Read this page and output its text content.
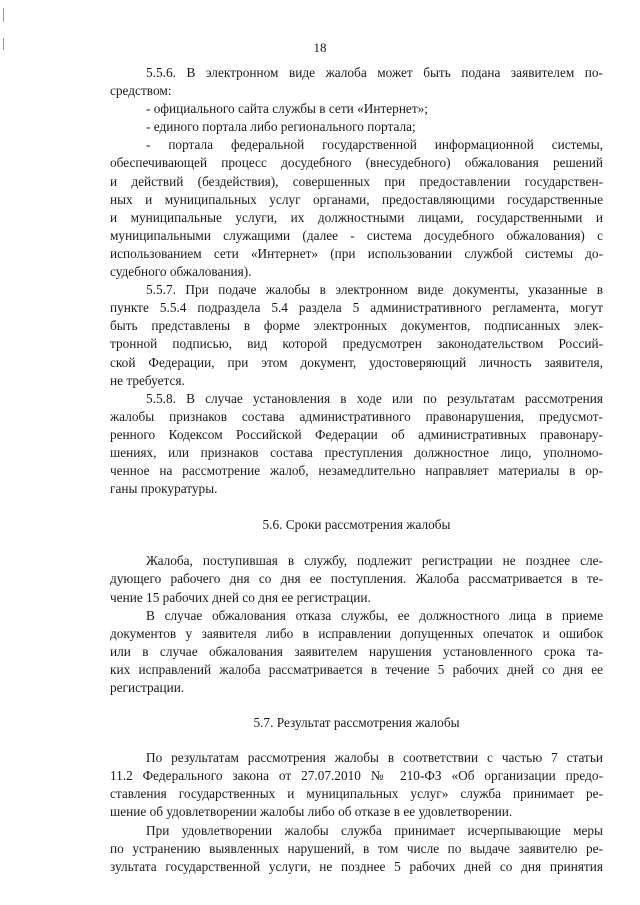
18
5.5.6. В электронном виде жалоба может быть подана заявителем по-
средством:
- официального сайта службы в сети «Интернет»;
- единого портала либо регионального портала;
- портала федеральной государственной информационной системы,
обеспечивающей процесс досудебного (внесудебного) обжалования решений
и действий (бездействия), совершенных при предоставлении государствен-
ных и муниципальных услуг органами, предоставляющими государственные
и муниципальные услуги, их должностными лицами, государственными и
муниципальными служащими (далее - система досудебного обжалования) с
использованием сети «Интернет» (при использовании службой системы до-
судебного обжалования).
5.5.7. При подаче жалобы в электронном виде документы, указанные в
пункте 5.5.4 подраздела 5.4 раздела 5 административного регламента, могут
быть представлены в форме электронных документов, подписанных элек-
тронной подписью, вид которой предусмотрен законодательством Россий-
ской Федерации, при этом документ, удостоверяющий личность заявителя,
не требуется.
5.5.8. В случае установления в ходе или по результатам рассмотрения
жалобы признаков состава административного правонарушения, предусмот-
ренного Кодексом Российской Федерации об административных правонару-
шениях, или признаков состава преступления должностное лицо, уполномо-
ченное на рассмотрение жалоб, незамедлительно направляет материалы в ор-
ганы прокуратуры.
5.6. Сроки рассмотрения жалобы
Жалоба, поступившая в службу, подлежит регистрации не позднее сле-
дующего рабочего дня со дня ее поступления. Жалоба рассматривается в те-
чение 15 рабочих дней со дня ее регистрации.
В случае обжалования отказа службы, ее должностного лица в приеме
документов у заявителя либо в исправлении допущенных опечаток и ошибок
или в случае обжалования заявителем нарушения установленного срока та-
ких исправлений жалоба рассматривается в течение 5 рабочих дней со дня ее
регистрации.
5.7. Результат рассмотрения жалобы
По результатам рассмотрения жалобы в соответствии с частью 7 статьи
11.2 Федерального закона от 27.07.2010 № 210-ФЗ «Об организации предо-
ставления государственных и муниципальных услуг» служба принимает ре-
шение об удовлетворении жалобы либо об отказе в ее удовлетворении.
При удовлетворении жалобы служба принимает исчерпывающие меры
по устранению выявленных нарушений, в том числе по выдаче заявителю ре-
зультата государственной услуги, не позднее 5 рабочих дней со дня принятия
